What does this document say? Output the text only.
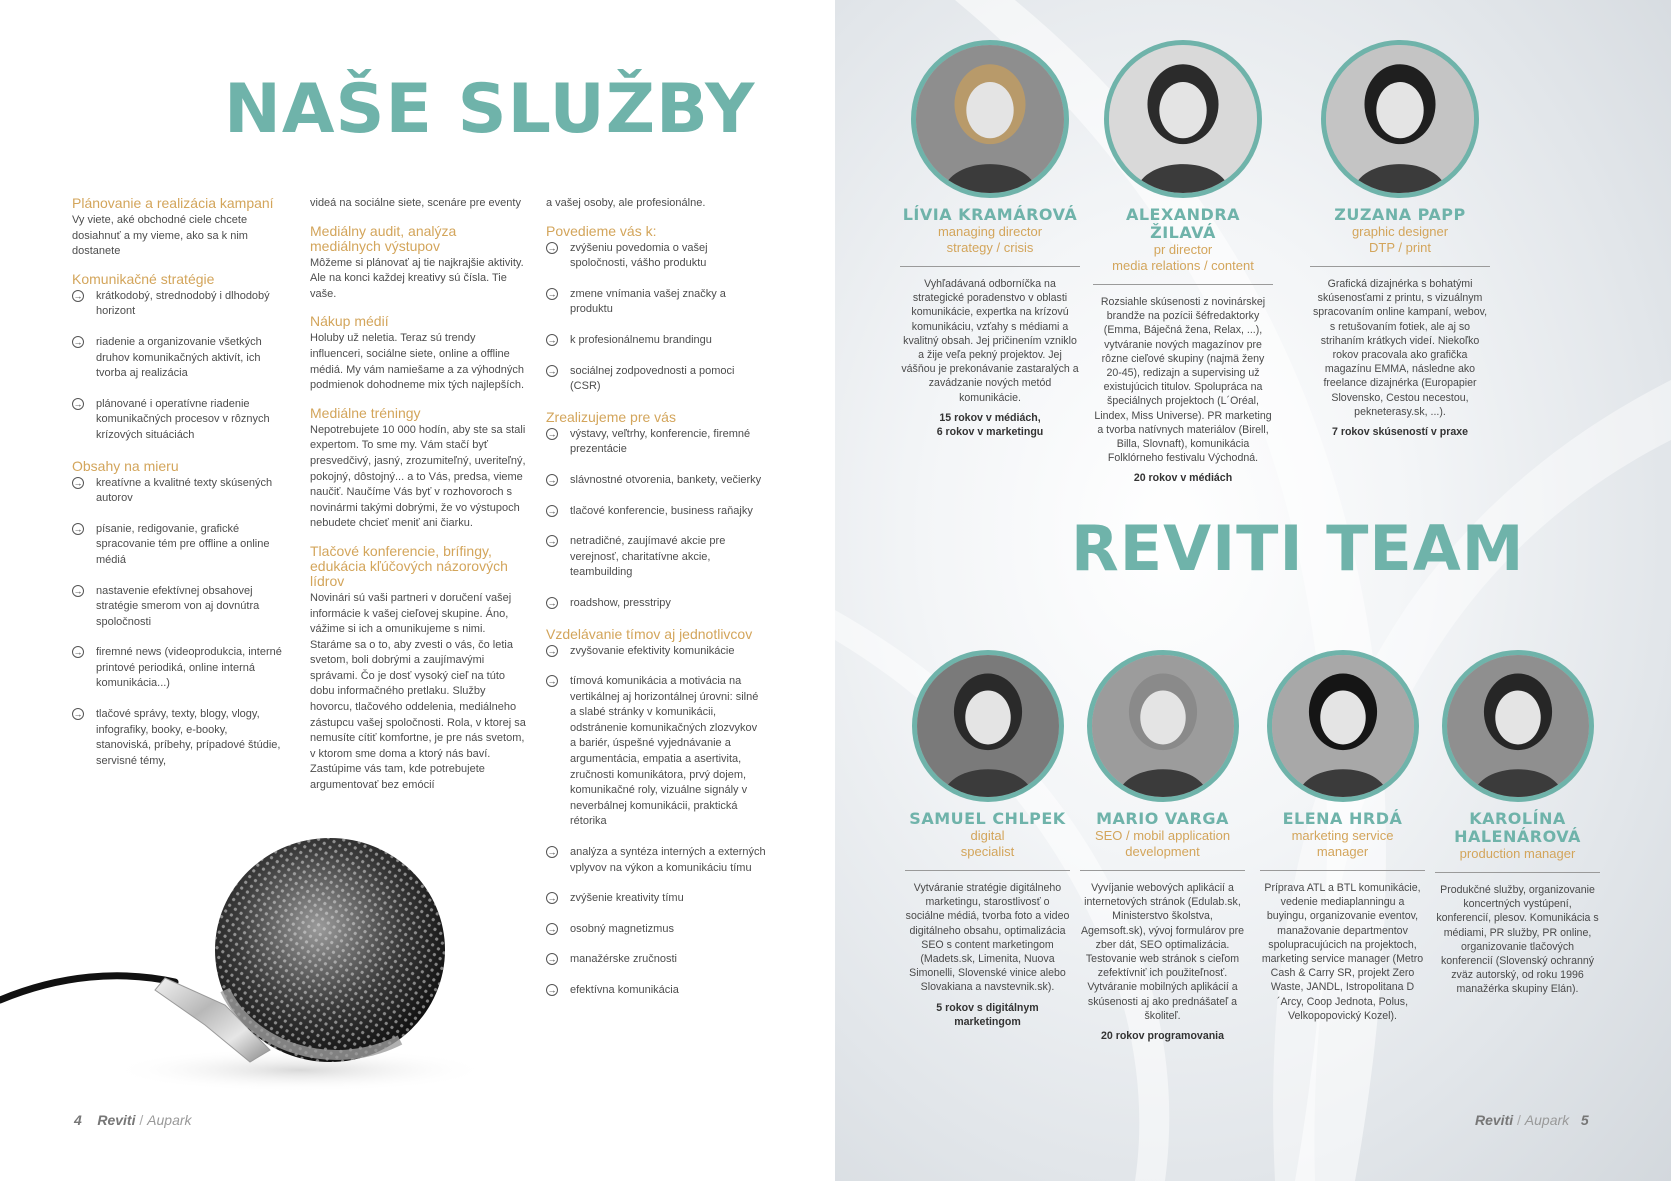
NAŠE SLUŽBY
Plánovanie a realizácia kampaní
Vy viete, aké obchodné ciele chcete dosiahnuť a my vieme, ako sa k nim dostanete
Komunikačné stratégie
→ krátkodobý, strednodobý i dlhodobý horizont
→ riadenie a organizovanie všetkých druhov komunikačných aktivít, ich tvorba aj realizácia
→ plánované i operatívne riadenie komunikačných procesov v rôznych krízových situáciách
Obsahy na mieru
→ kreatívne a kvalitné texty skúsených autorov
→ písanie, redigovanie, grafické spracovanie tém pre offline a online médiá
→ nastavenie efektívnej obsahovej stratégie smerom von aj dovnútra spoločnosti
→ firemné news (videoprodukcia, interné printové periodiká, online interná komunikácia...)
→ tlačové správy, texty, blogy, vlogy, infografiky, booky, e-booky, stanoviská, príbehy, prípadové štúdie, servisné témy,
videá na sociálne siete, scenáre pre eventy
Mediálny audit, analýza mediálnych výstupov
Môžeme si plánovať aj tie najkrajšie aktivity. Ale na konci každej kreativy sú čísla. Tie vaše.
Nákup médií
Holuby už neletia. Teraz sú trendy influenceri, sociálne siete, online a offline médiá. My vám namiešame a za výhodných podmienok dohodneme mix tých najlepších.
Mediálne tréningy
Nepotrebujete 10 000 hodín, aby ste sa stali expertom. To sme my. Vám stačí byť presvedčivý, jasný, zrozumiteľný, uveriteľný, pokojný, dôstojný... a to Vás, predsa, vieme naučiť. Naučíme Vás byť v rozhovoroch s novinármi takými dobrými, že vo výstupoch nebudete chcieť meniť ani čiarku.
Tlačové konferencie, brífingy, edukácia kľúčových názorových lídrov
Novinári sú vaši partneri v doručení vašej informácie k vašej cieľovej skupine. Áno, vážime si ich a omunikujeme s nimi. Staráme sa o to, aby zvesti o vás, čo letia svetom, boli dobrými a zaujímavými správami. Čo je dosť vysoký cieľ na túto dobu informačného pretlaku. Služby hovorcu, tlačového oddelenia, mediálneho zástupcu vašej spoločnosti. Rola, v ktorej sa nemusíte cítiť komfortne, je pre nás svetom, v ktorom sme doma a ktorý nás baví. Zastúpime vás tam, kde potrebujete argumentovať bez emócií
a vašej osoby, ale profesionálne.
Povedieme vás k:
→ zvýšeniu povedomia o vašej spoločnosti, vášho produktu
→ zmene vnímania vašej značky a produktu
→ k profesionálnemu brandingu
→ sociálnej zodpovednosti a pomoci (CSR)
Zrealizujeme pre vás
→ výstavy, veľtrhy, konferencie, firemné prezentácie
→ slávnostné otvorenia, bankety, večierky
→ tlačové konferencie, business raňajky
→ netradičné, zaujímavé akcie pre verejnosť, charitatívne akcie, teambuilding
→ roadshow, presstripy
Vzdelávanie tímov aj jednotlivcov
→ zvyšovanie efektivity komunikácie
→ tímová komunikácia a motivácia na vertikálnej aj horizontálnej úrovni: silné a slabé stránky v komunikácii, odstránenie komunikačných zlozvykov a bariér, úspešné vyjednávanie a argumentácia, empatia a asertivita, zručnosti komunikátora, prvý dojem, komunikačné roly, vizuálne signály v neverbálnej komunikácii, praktická rétorika
→ analýza a syntéza interných a externých vplyvov na výkon a komunikáciu tímu
→ zvýšenie kreativity tímu
→ osobný magnetizmus
→ manažérske zručnosti
→ efektívna komunikácia
4 Reviti / Aupark
REVITI TEAM
LÍVIA KRAMÁROVÁ
managing director
strategy / crisis
Vyhľadávaná odborníčka na strategické poradenstvo v oblasti komunikácie, expertka na krízovú komunikáciu, vzťahy s médiami a kvalitný obsah. Jej pričinením vzniklo a žije veľa pekný projektov. Jej vášňou je prekonávanie zastaralých a zavádzanie nových metód komunikácie.
15 rokov v médiách,
6 rokov v marketingu
ALEXANDRA ŽILAVÁ
pr director
media relations / content
Rozsiahle skúsenosti z novinárskej brandže na pozícii šéfredaktorky (Emma, Báječná žena, Relax, ...), vytváranie nových magazínov pre rôzne cieľové skupiny (najmä ženy 20-45), redizajn a supervising už existujúcich titulov. Spolupráca na špeciálnych projektoch (L´Oréal, Lindex, Miss Universe). PR marketing a tvorba natívnych materiálov (Birell, Billa, Slovnaft), komunikácia Folklórneho festivalu Východná.
20 rokov v médiách
ZUZANA PAPP
graphic designer
DTP / print
Grafická dizajnérka s bohatými skúsenosťami z printu, s vizuálnym spracovaním online kampaní, webov, s retušovaním fotiek, ale aj so strihaním krátkych videí. Niekoľko rokov pracovala ako grafička magazínu EMMA, následne ako freelance dizajnérka (Europapier Slovensko, Cestou necestou, pekneterasy.sk, ...).
7 rokov skúseností v praxe
SAMUEL CHLPEK
digital
specialist
Vytváranie stratégie digitálneho marketingu, starostlivosť o sociálne médiá, tvorba foto a video digitálneho obsahu, optimalizácia SEO s content marketingom (Madets.sk, Limenita, Nuova Simonelli, Slovenské vinice alebo Slovakiana a navstevnik.sk).
5 rokov s digitálnym
marketingom
MARIO VARGA
SEO / mobil application
development
Vyvíjanie webových aplikácií a internetových stránok (Edulab.sk, Ministerstvo školstva, Agemsoft.sk), vývoj formulárov pre zber dát, SEO optimalizácia. Testovanie web stránok s cieľom zefektívniť ich použiteľnosť. Vytváranie mobilných aplikácií a skúsenosti aj ako prednášateľ a školiteľ.
20 rokov programovania
ELENA HRDÁ
marketing service
manager
Príprava ATL a BTL komunikácie, vedenie mediaplanningu a buyingu, organizovanie eventov, manažovanie departmentov spolupracujúcich na projektoch, marketing service manager (Metro Cash & Carry SR, projekt Zero Waste, JANDL, Istropolitana D´Arcy, Coop Jednota, Polus, Velkopopovický Kozel).
KAROLÍNA HALENÁROVÁ
production manager
Produkčné služby, organizovanie koncertných vystúpení, konferencií, plesov. Komunikácia s médiami, PR služby, PR online, organizovanie tlačových konferencií (Slovenský ochranný zväz autorský, od roku 1996 manažérka skupiny Elán).
Reviti / Aupark 5
